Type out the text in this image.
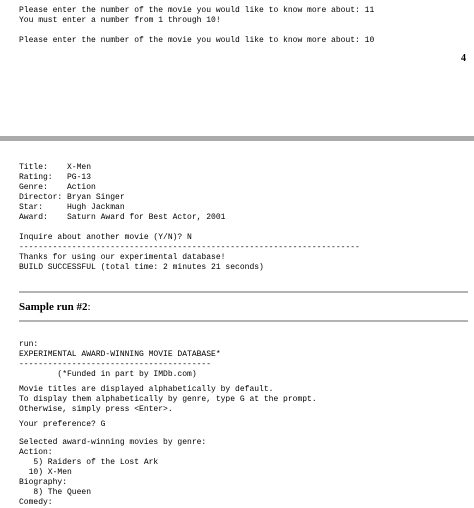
Please enter the number of the movie you would like to know more about: 11

You must enter a number from 1 through 10!

Please enter the number of the movie you would like to know more about: 10

4

Title:    X-Men

Rating:   PG-13

Genre:    Action

Director: Bryan Singer

Star:     Hugh Jackman

Award:    Saturn Award for Best Actor, 2001

Inquire about another movie (Y/N)? N

-----------------------------------------------------------------------

Thanks for using our experimental database!

BUILD SUCCESSFUL (total time: 2 minutes 21 seconds)

Sample run #2:

run:

EXPERIMENTAL AWARD-WINNING MOVIE DATABASE*

----------------------------------------

(*Funded in part by IMDb.com)

Movie titles are displayed alphabetically by default.

To display them alphabetically by genre, type G at the prompt.

Otherwise, simply press <Enter>.

Your preference? G

Selected award-winning movies by genre:

Action:

5) Raiders of the Lost Ark

10) X-Men

Biography:

8) The Queen

Comedy:
